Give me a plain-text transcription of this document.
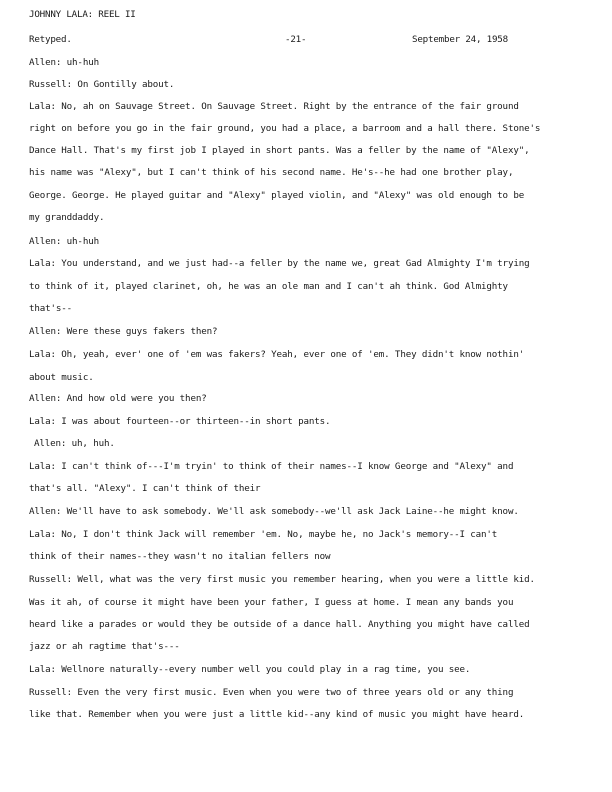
JOHNNY LALA: REEL II
Retyped.	-21-	September 24, 1958
Allen: uh-huh
Russell: On Gontilly about.
Lala: No, ah on Sauvage Street. On Sauvage Street. Right by the entrance of the fair ground
right on before you go in the fair ground, you had a place, a barroom and a hall there. Stone's
Dance Hall. That's my first job I played in short pants. Was a feller by the name of "Alexy",
his name was "Alexy", but I can't think of his second name. He's--he had one brother play,
George. George. He played guitar and "Alexy" played violin, and "Alexy" was old enough to be
my granddaddy.
Allen: uh-huh
Lala: You understand, and we just had--a feller by the name we, great Gad Almighty I'm trying
to think of it, played clarinet, oh, he was an ole man and I can't ah think. God Almighty
that's--
Allen: Were these guys fakers then?
Lala: Oh, yeah, ever' one of 'em was fakers? Yeah, ever one of 'em. They didn't know nothin'
about music.
Allen: And how old were you then?
Lala: I was about fourteen--or thirteen--in short pants.
Allen: uh, huh.
Lala: I can't think of---I'm tryin' to think of their names--I know George and "Alexy" and
that's all. "Alexy". I can't think of their
Allen: We'll have to ask somebody. We'll ask somebody--we'll ask Jack Laine--he might know.
Lala: No, I don't think Jack will remember 'em. No, maybe he, no Jack's memory--I can't
think of their names--they wasn't no italian fellers now
Russell: Well, what was the very first music you remember hearing, when you were a little kid.
Was it ah, of course it might have been your father, I guess at home. I mean any bands you
heard like a parades or would they be outside of a dance hall. Anything you might have called
jazz or ah ragtime that's---
Lala: Wellnore naturally--every number well you could play in a rag time, you see.
Russell: Even the very first music. Even when you were two of three years old or any thing
like that. Remember when you were just a little kid--any kind of music you might have heard.
